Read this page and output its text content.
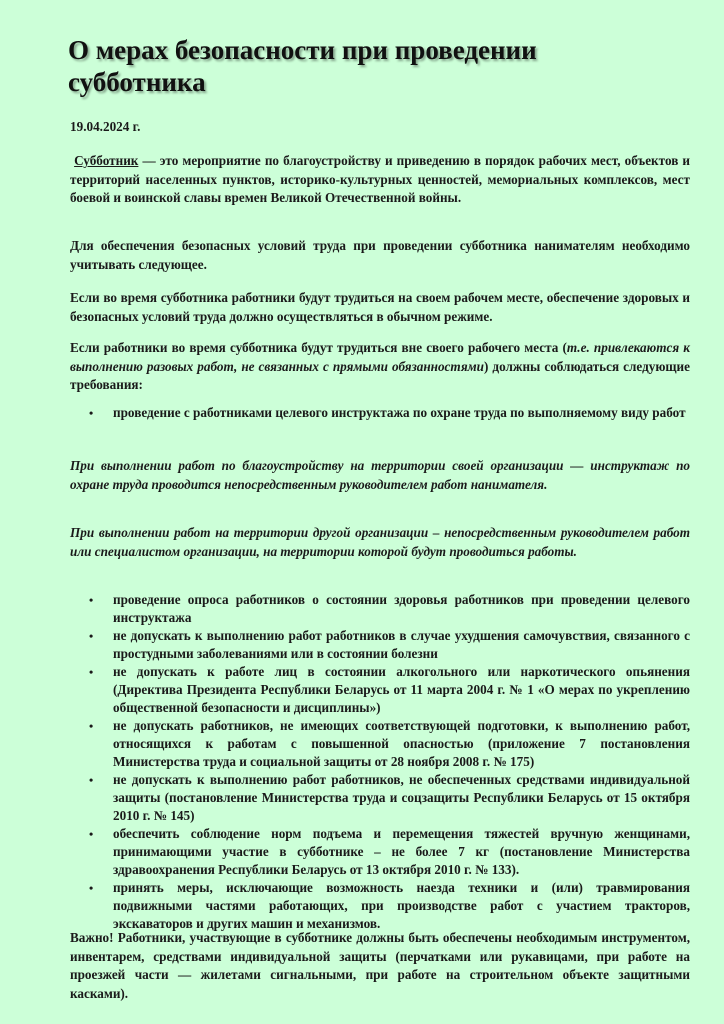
О мерах безопасности при проведении субботника

19.04.2024 г.

Субботник — это мероприятие по благоустройству и приведению в порядок рабочих мест, объектов и территорий населенных пунктов, историко-культурных ценностей, мемориальных комплексов, мест боевой и воинской славы времен Великой Отечественной войны.

Для обеспечения безопасных условий труда при проведении субботника нанимателям необходимо учитывать следующее.

Если во время субботника работники будут трудиться на своем рабочем месте, обеспечение здоровых и безопасных условий труда должно осуществляться в обычном режиме.

Если работники во время субботника будут трудиться вне своего рабочего места (т.е. привлекаются к выполнению разовых работ, не связанных с прямыми обязанностями) должны соблюдаться следующие требования:

• проведение с работниками целевого инструктажа по охране труда по выполняемому виду работ

При выполнении работ по благоустройству на территории своей организации — инструктаж по охране труда проводится непосредственным руководителем работ нанимателя.

При выполнении работ на территории другой организации – непосредственным руководителем работ или специалистом организации, на территории которой будут проводиться работы.

• проведение опроса работников о состоянии здоровья работников при проведении целевого инструктажа
• не допускать к выполнению работ работников в случае ухудшения самочувствия, связанного с простудными заболеваниями или в состоянии болезни
• не допускать к работе лиц в состоянии алкогольного или наркотического опьянения (Директива Президента Республики Беларусь от 11 марта 2004 г. № 1 «О мерах по укреплению общественной безопасности и дисциплины»)
• не допускать работников, не имеющих соответствующей подготовки, к выполнению работ, относящихся к работам с повышенной опасностью (приложение 7 постановления Министерства труда и социальной защиты от 28 ноября 2008 г. № 175)
• не допускать к выполнению работ работников, не обеспеченных средствами индивидуальной защиты (постановление Министерства труда и соцзащиты Республики Беларусь от 15 октября 2010 г. № 145)
• обеспечить соблюдение норм подъема и перемещения тяжестей вручную женщинами, принимающими участие в субботнике – не более 7 кг (постановление Министерства здравоохранения Республики Беларусь от 13 октября 2010 г. № 133).
• принять меры, исключающие возможность наезда техники и (или) травмирования подвижными частями работающих, при производстве работ с участием тракторов, экскаваторов и других машин и механизмов.

Важно! Работники, участвующие в субботнике должны быть обеспечены необходимым инструментом, инвентарем, средствами индивидуальной защиты (перчатками или рукавицами, при работе на проезжей части — жилетами сигнальными, при работе на строительном объекте защитными касками).
